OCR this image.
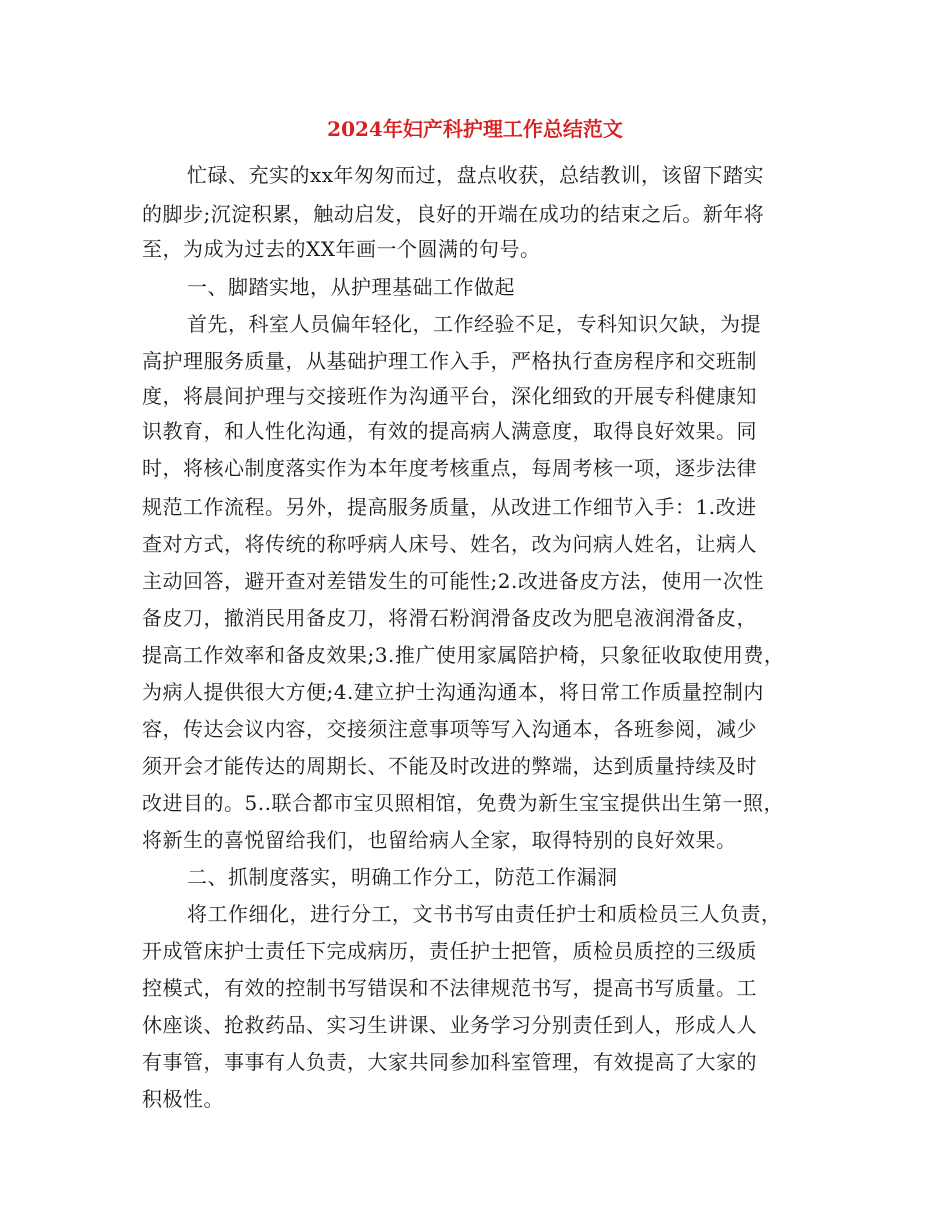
2024年妇产科护理工作总结范文
忙碌、充实的xx年匆匆而过，盘点收获，总结教训，该留下踏实
的脚步;沉淀积累，触动启发，良好的开端在成功的结束之后。新年将
至，为成为过去的XX年画一个圆满的句号。
一、脚踏实地，从护理基础工作做起
首先，科室人员偏年轻化，工作经验不足，专科知识欠缺，为提
高护理服务质量，从基础护理工作入手，严格执行查房程序和交班制
度，将晨间护理与交接班作为沟通平台，深化细致的开展专科健康知
识教育，和人性化沟通，有效的提高病人满意度，取得良好效果。同
时，将核心制度落实作为本年度考核重点，每周考核一项，逐步法律
规范工作流程。另外，提高服务质量，从改进工作细节入手：1.改进
查对方式，将传统的称呼病人床号、姓名，改为问病人姓名，让病人
主动回答，避开查对差错发生的可能性;2.改进备皮方法，使用一次性
备皮刀，撤消民用备皮刀，将滑石粉润滑备皮改为肥皂液润滑备皮，
提高工作效率和备皮效果;3.推广使用家属陪护椅，只象征收取使用费，
为病人提供很大方便;4.建立护士沟通沟通本，将日常工作质量控制内
容，传达会议内容，交接须注意事项等写入沟通本，各班参阅，减少
须开会才能传达的周期长、不能及时改进的弊端，达到质量持续及时
改进目的。5..联合都市宝贝照相馆，免费为新生宝宝提供出生第一照，
将新生的喜悦留给我们，也留给病人全家，取得特别的良好效果。
二、抓制度落实，明确工作分工，防范工作漏洞
将工作细化，进行分工，文书书写由责任护士和质检员三人负责，
开成管床护士责任下完成病历，责任护士把管，质检员质控的三级质
控模式，有效的控制书写错误和不法律规范书写，提高书写质量。工
休座谈、抢救药品、实习生讲课、业务学习分别责任到人，形成人人
有事管，事事有人负责，大家共同参加科室管理，有效提高了大家的
积极性。
